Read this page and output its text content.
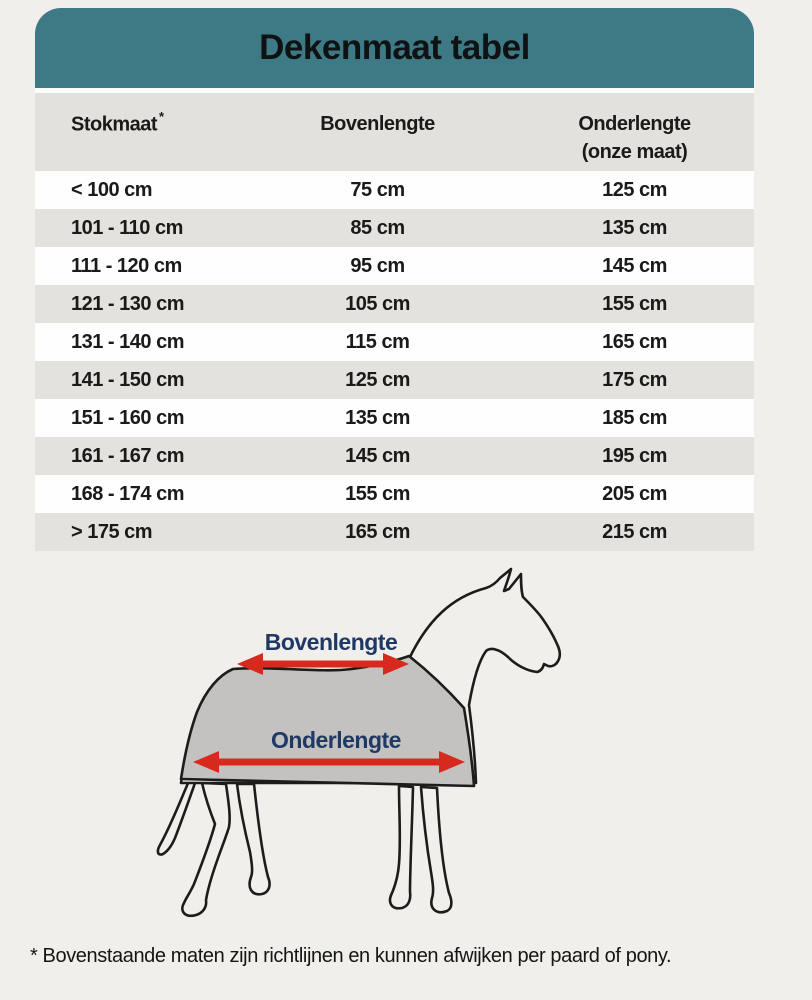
Dekenmaat tabel
Stokmaat *	Bovenlengte	Onderlengte
(onze maat)
< 100 cm	75 cm	125 cm
101 - 110 cm	85 cm	135 cm
111 - 120 cm	95 cm	145 cm
121 - 130 cm	105 cm	155 cm
131 - 140 cm	115 cm	165 cm
141 - 150 cm	125 cm	175 cm
151 - 160 cm	135 cm	185 cm
161 - 167 cm	145 cm	195 cm
168 - 174 cm	155 cm	205 cm
> 175 cm	165 cm	215 cm
Bovenlengte
Onderlengte
* Bovenstaande maten zijn richtlijnen en kunnen afwijken per paard of pony.
